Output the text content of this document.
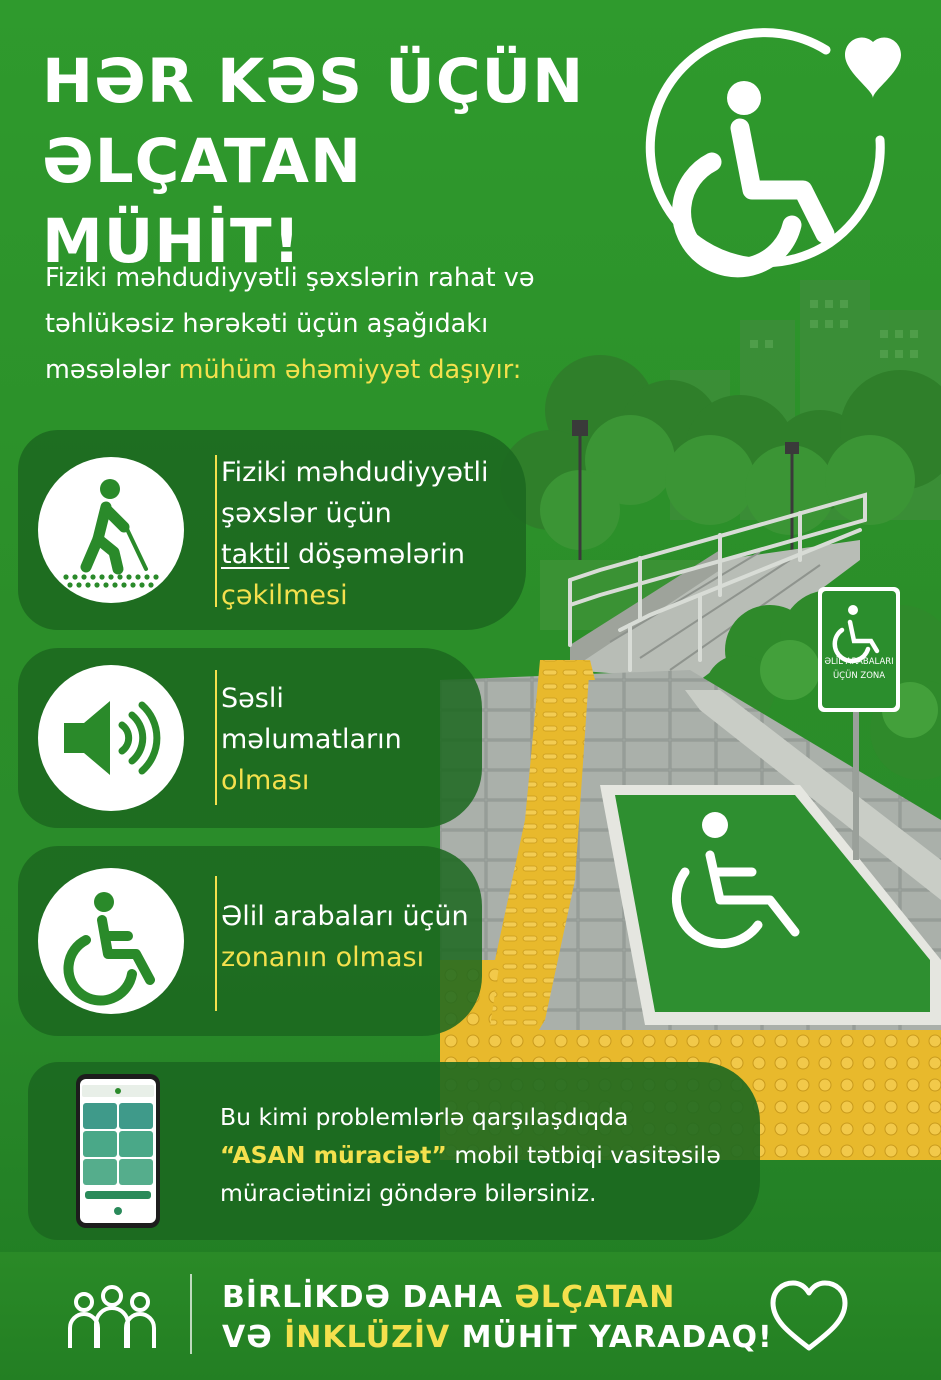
ƏLİL ARABALARI
ÜÇÜN ZONA
HƏR KƏS ÜÇÜN
ƏLÇATAN MÜHİT!
Fiziki məhdudiyyətli şəxslərin rahat və
təhlükəsiz hərəkəti üçün aşağıdakı
məsələlər mühüm əhəmiyyət daşıyır:
Fiziki məhdudiyyətli
şəxslər üçün
taktil döşəmələrin
çəkilmesi
Səsli
məlumatların
olması
Əlil arabaları üçün
zonanın olması
Bu kimi problemlərlə qarşılaşdıqda
“ASAN müraciət” mobil tətbiqi vasitəsilə
müraciətinizi göndərə bilərsiniz.
BİRLİKDƏ DAHA ƏLÇATAN
VƏ İNKLÜZİV MÜHİT YARADAQ!
